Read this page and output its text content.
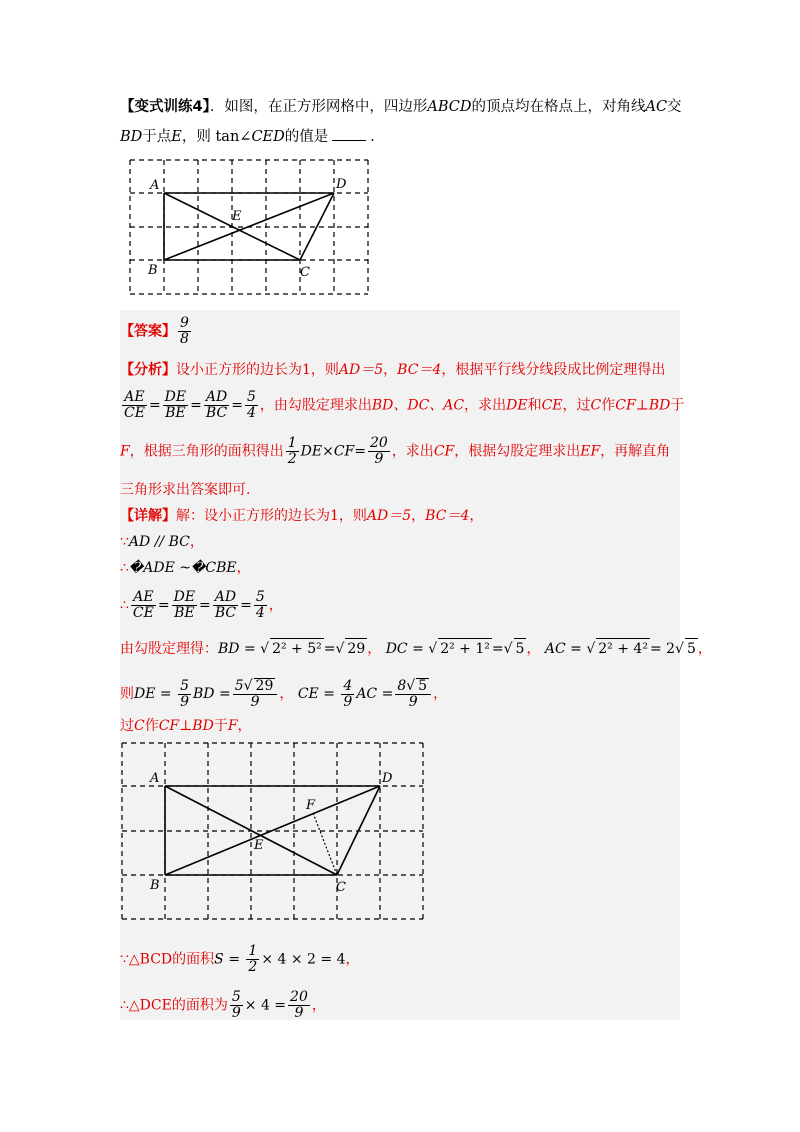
【变式训练4】．如图，在正方形网格中，四边形ABCD的顶点均在格点上，对角线AC交
BD于点E，则 tan∠CED的值是	.
A	D
E
B	C
【答案】 $\frac{9}{8}$
【分析】设小正方形的边长为1，则AD＝5，BC＝4，根据平行线分线段成比例定理得出
$\frac{AE}{CE} = \frac{DE}{BE} = \frac{AD}{BC} = \frac{5}{4}$ ，由勾股定理求出BD、DC、AC，求出DE和CE，过C作CF⊥BD于
F，根据三角形的面积得出 $\frac{1}{2} DE\times CF= \frac{20}{9}$ ，求出CF，根据勾股定理求出EF，再解直角
三角形求出答案即可.
【详解】解：设小正方形的边长为1，则AD＝5，BC＝4，
∵AD // BC，
∴�ADE ~�CBE，
∴ $\frac{AE}{CE} = \frac{DE}{BE} = \frac{AD}{BC} = \frac{5}{4}$ ，
由勾股定理得：BD = √ 2² + 5² =√ 29 ， DC = √ 2² + 1² =√ 5 ， AC = √ 2² + 4² = 2√ 5 ，
则DE = $\frac{5}{9}$ BD = $\frac{5√ 29}{9}$ ， CE = $\frac{4}{9}$ AC = $\frac{8√ 5}{9}$ ，
过C作CF⊥BD于F，
A	D
F
E
B	C
∵△BCD的面积$S = \frac{1}{2} \times 4 \times 2 = 4$，
∴△DCE的面积为 $\frac{5}{9} \times 4 = \frac{20}{9}$ ，
